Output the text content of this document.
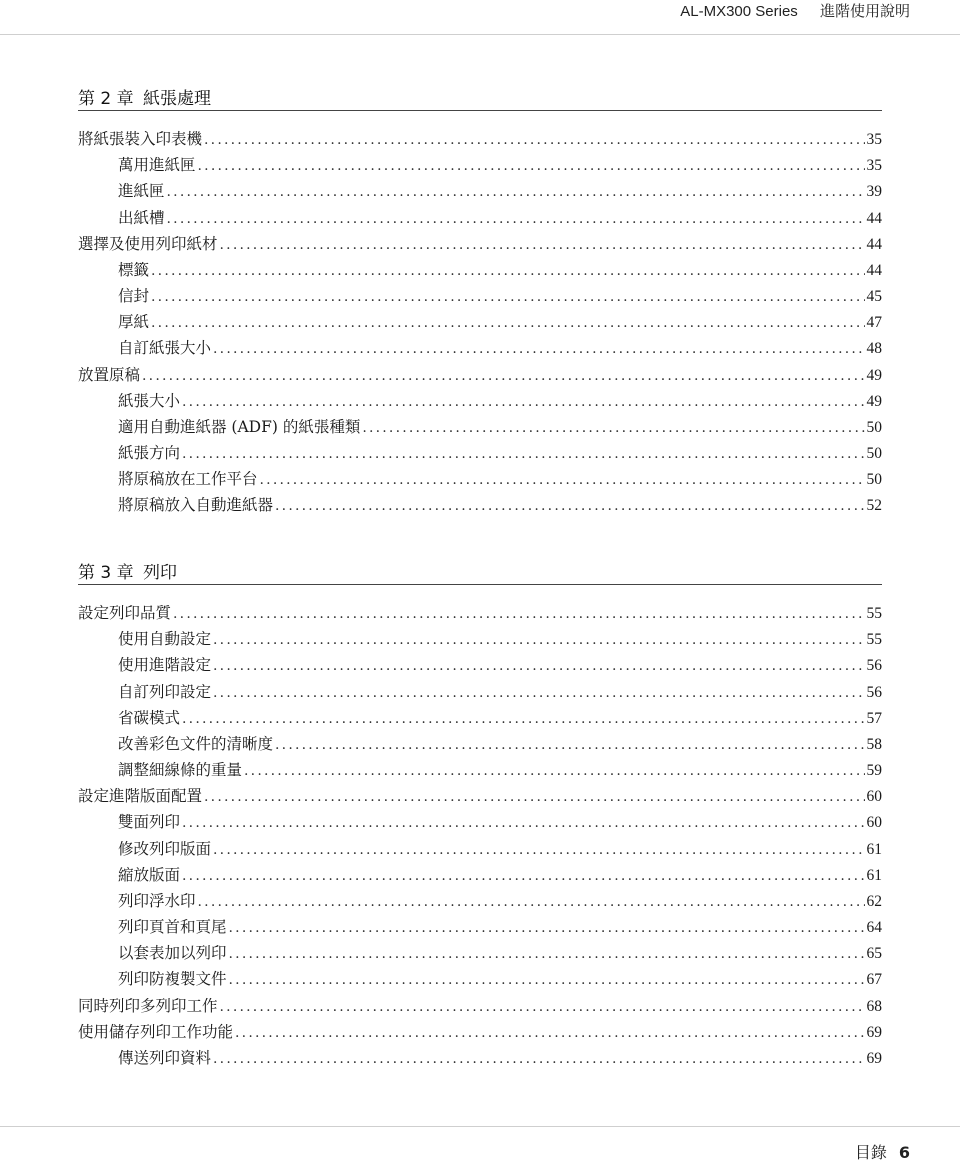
AL-MX300 Series 進階使用說明
第 2 章 紙張處理
將紙張裝入印表機 .....	35
萬用進紙匣 .....	35
進紙匣 .....	39
出紙槽 .....	44
選擇及使用列印紙材 .....	44
標籤 .....	44
信封 .....	45
厚紙 .....	47
自訂紙張大小 .....	48
放置原稿 .....	49
紙張大小 .....	49
適用自動進紙器 (ADF) 的紙張種類 .....	50
紙張方向 .....	50
將原稿放在工作平台 .....	50
將原稿放入自動進紙器 .....	52
第 3 章 列印
設定列印品質 .....	55
使用自動設定 .....	55
使用進階設定 .....	56
自訂列印設定 .....	56
省碳模式 .....	57
改善彩色文件的清晰度 .....	58
調整細線條的重量 .....	59
設定進階版面配置 .....	60
雙面列印 .....	60
修改列印版面 .....	61
縮放版面 .....	61
列印浮水印 .....	62
列印頁首和頁尾 .....	64
以套表加以列印 .....	65
列印防複製文件 .....	67
同時列印多列印工作 .....	68
使用儲存列印工作功能 .....	69
傳送列印資料 .....	69
目錄 6
